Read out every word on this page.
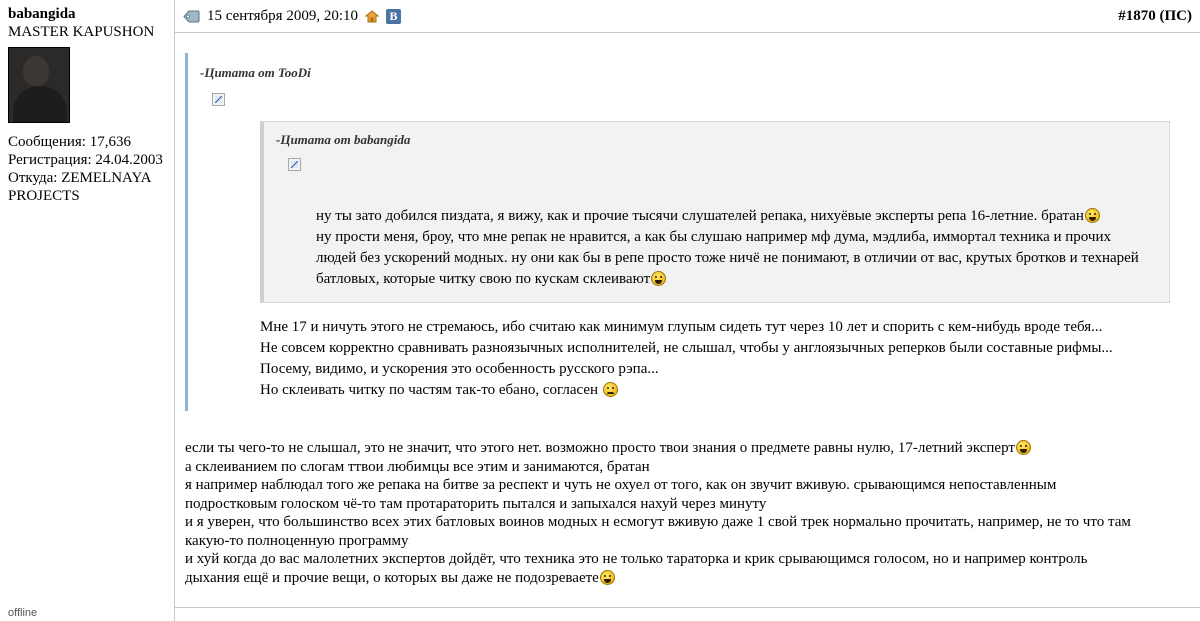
babangida
MASTER KAPUSHON
Сообщения: 17,636
Регистрация: 24.04.2003
Откуда: ZEMELNAYA PROJECTS
offline
15 сентября 2009, 20:10	В	#1870 (ПС)
-Цитата от TooDi
-Цитата от babangida
ну ты зато добился пиздата, я вижу, как и прочие тысячи слушателей репака, нихуёвые эксперты репа 16-летние. братан
ну прости меня, броу, что мне репак не нравится, а как бы слушаю например мф дума, мэдлиба, иммортал техника и прочих
людей без ускорений модных. ну они как бы в репе просто тоже ничё не понимают, в отличии от вас, крутых бротков и технарей
батловых, которые читку свою по кускам склеивают
Мне 17 и ничуть этого не стремаюсь, ибо считаю как минимум глупым сидеть тут через 10 лет и спорить с кем-нибудь вроде тебя...
Не совсем корректно сравнивать разноязычных исполнителей, не слышал, чтобы у англоязычных реперков были составные рифмы...
Посему, видимо, и ускорения это особенность русского рэпа...
Но склеивать читку по частям так-то ебано, согласен
если ты чего-то не слышал, это не значит, что этого нет. возможно просто твои знания о предмете равны нулю, 17-летний эксперт
а склеиванием по слогам ттвои любимцы все этим и занимаются, братан
я например наблюдал того же репака на битве за респект и чуть не охуел от того, как он звучит вживую. срывающимся непоставленным
подростковым голоском чё-то там протараторить пытался и запыхался нахуй через минуту
и я уверен, что большинство всех этих батловых воинов модных н есмогут вживую даже 1 свой трек нормально прочитать, например, не то что там
какую-то полноценную программу
и хуй когда до вас малолетних экспертов дойдёт, что техника это не только тараторка и крик срывающимся голосом, но и например контроль
дыхания ещё и прочие вещи, о которых вы даже не подозреваете
